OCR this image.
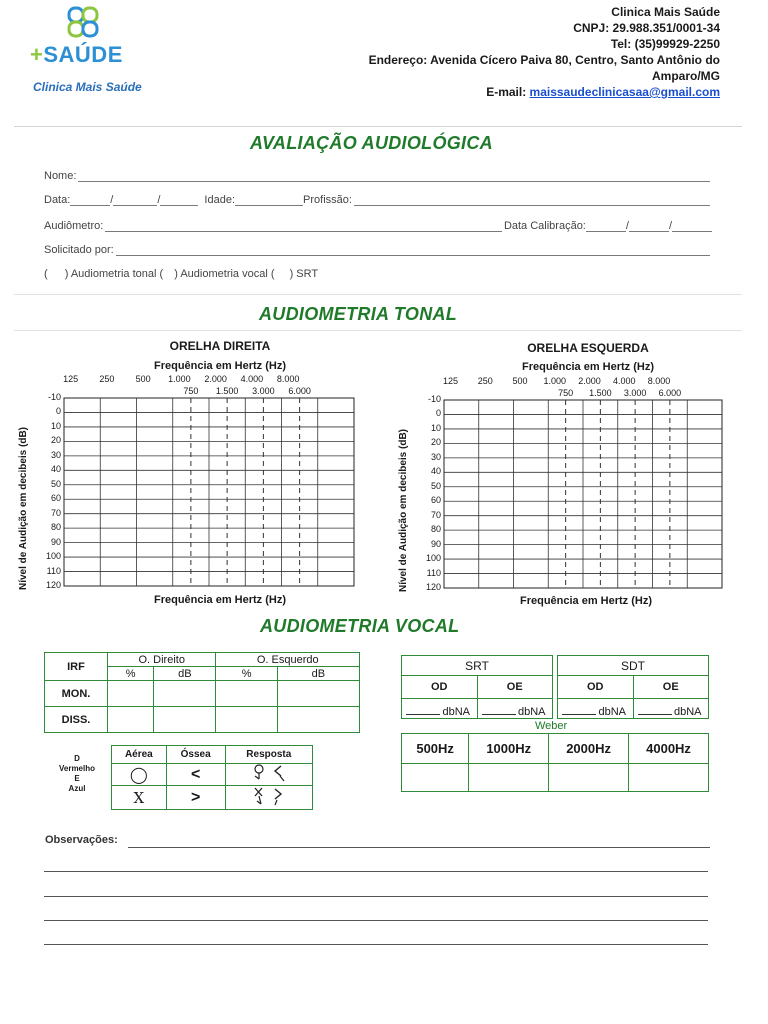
+SAÚDE
Clinica Mais Saúde
Clinica Mais Saúde
CNPJ: 29.988.351/0001-34
Tel: (35)99929-2250
Endereço: Avenida Cícero Paiva 80, Centro, Santo Antônio do
Amparo/MG
E-mail: maissaudeclinicasaa@gmail.com
AVALIAÇÃO AUDIOLÓGICA
Nome:
Data:	/	/	Idade:	Profissão:
Audiômetro:	Data Calibração:	/	/
Solicitado por:
( ) Audiometria tonal ( ) Audiometria vocal ( ) SRT
AUDIOMETRIA TONAL
ORELHA DIREITA
Frequência em Hertz (Hz)
125	250	500	1.000	2.000	4.000	8.000
750	1.500	3.000	6.000
-10
0
10
20
30
40
50
60
70
80
90
100
110
120
Nível de Audição em decibeis (dB)
Frequência em Hertz (Hz)
ORELHA ESQUERDA
Frequência em Hertz (Hz)
125	250	500	1.000	2.000	4.000	8.000
750	1.500	3.000	6.000
-10
0
10
20
30
40
50
60
70
80
90
100
110
120
Nível de Audição em decibeis (dB)
Frequência em Hertz (Hz)
AUDIOMETRIA VOCAL
IRF	O. Direito		O. Esquerdo	
	%	dB	%	dB
MON.				
DISS.				
SRT	
OD	OE
dbNA	dbNA
SDT	
OD	OE
dbNA	dbNA
Weber
500Hz	1000Hz	2000Hz	4000Hz

D
Vermelho
E
Azul
Aérea	Óssea	Resposta
◯	<	
X	>	
Observações:
